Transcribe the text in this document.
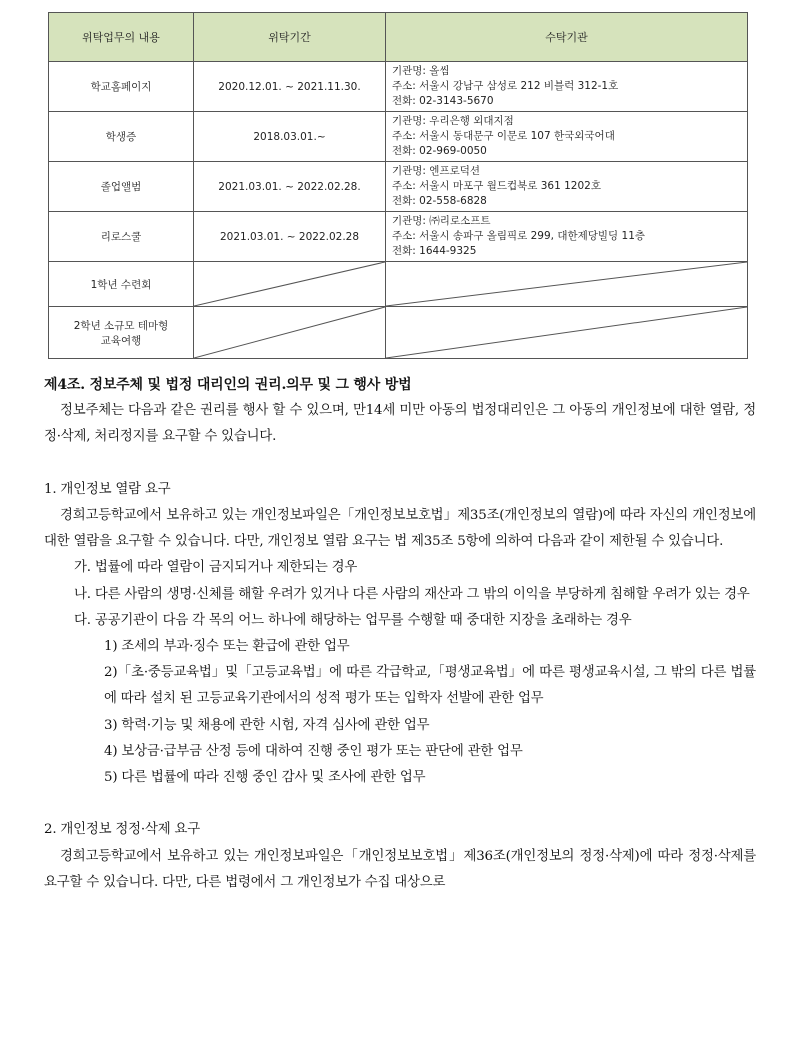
위탁업무의 내용	위탁기간	수탁기관
학교홈페이지	2020.12.01. ~ 2021.11.30.	기관명: 올씸
주소: 서울시 강남구 삼성로 212 비블럭 312-1호
전화: 02-3143-5670

학생증	2018.03.01.~	기관명: 우리은행 외대지점
주소: 서울시 동대문구 이문로 107 한국외국어대
전화: 02-969-0050

졸업앨범	2021.03.01. ~ 2022.02.28.	기관명: 엔프로덕션
주소: 서울시 마포구 월드컵북로 361 1202호
전화: 02-558-6828

리로스쿨	2021.03.01. ~ 2022.02.28	기관명: ㈜리로소프트
주소: 서울시 송파구 올림픽로 299, 대한제당빌딩 11층
전화: 1644-9325

1학년 수련회	

2학년 소규모 테마형
교육여행

제4조. 정보주체 및 법정 대리인의 권리.의무 및 그 행사 방법

정보주체는 다음과 같은 권리를 행사 할 수 있으며, 만14세 미만 아동의 법정대리인은 그 아동의 개인정보에 대한 열람, 정정·삭제, 처리정지를 요구할 수 있습니다.

1. 개인정보 열람 요구

경희고등학교에서 보유하고 있는 개인정보파일은「개인정보보호법」제35조(개인정보의 열람)에 따라 자신의 개인정보에 대한 열람을 요구할 수 있습니다. 다만, 개인정보 열람 요구는 법 제35조 5항에 의하여 다음과 같이 제한될 수 있습니다.

가. 법률에 따라 열람이 금지되거나 제한되는 경우

나. 다른 사람의 생명·신체를 해할 우려가 있거나 다른 사람의 재산과 그 밖의 이익을 부당하게 침해할 우려가 있는 경우

다. 공공기관이 다음 각 목의 어느 하나에 해당하는 업무를 수행할 때 중대한 지장을 초래하는 경우

1) 조세의 부과·징수 또는 환급에 관한 업무

2)「초·중등교육법」및「고등교육법」에 따른 각급학교,「평생교육법」에 따른 평생교육시설, 그 밖의 다른 법률에 따라 설치 된 고등교육기관에서의 성적 평가 또는 입학자 선발에 관한 업무

3) 학력·기능 및 채용에 관한 시험, 자격 심사에 관한 업무

4) 보상금·급부금 산정 등에 대하여 진행 중인 평가 또는 판단에 관한 업무

5) 다른 법률에 따라 진행 중인 감사 및 조사에 관한 업무

2. 개인정보 정정·삭제 요구

경희고등학교에서 보유하고 있는 개인정보파일은「개인정보보호법」제36조(개인정보의 정정·삭제)에 따라 정정·삭제를 요구할 수 있습니다. 다만, 다른 법령에서 그 개인정보가 수집 대상으로
